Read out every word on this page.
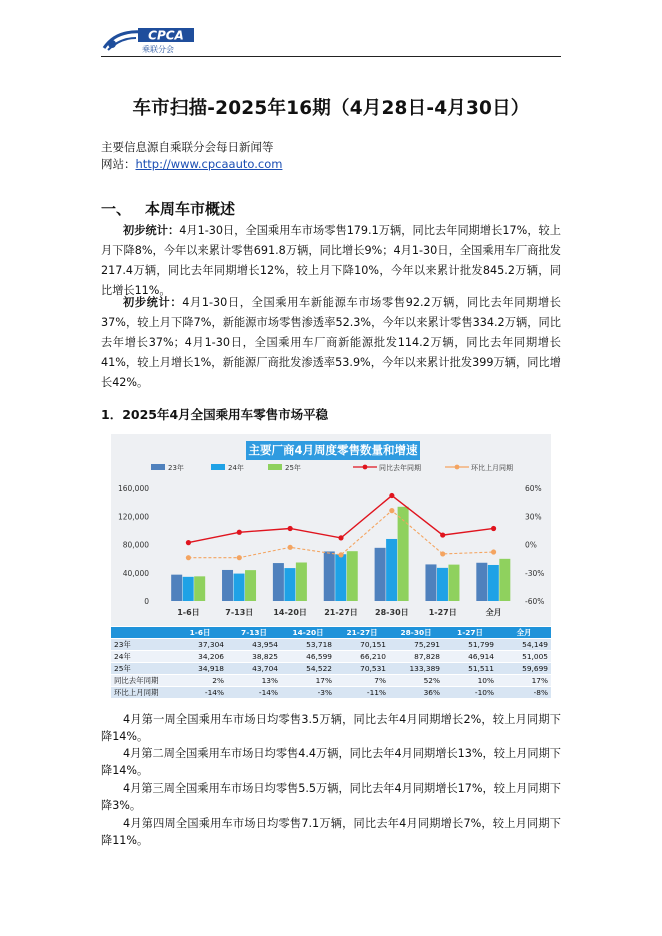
CPCA
乘联分会
车市扫描-2025年16期（4月28日-4月30日）
主要信息源自乘联分会每日新闻等
网站：http://www.cpcaauto.com
一、 本周车市概述
初步统计：4月1-30日，全国乘用车市场零售179.1万辆，同比去年同期增长17%，较上月下降8%，今年以来累计零售691.8万辆，同比增长9%；4月1-30日，全国乘用车厂商批发217.4万辆，同比去年同期增长12%，较上月下降10%，今年以来累计批发845.2万辆，同比增长11%。
初步统计：4月1-30日，全国乘用车新能源车市场零售92.2万辆，同比去年同期增长37%，较上月下降7%，新能源市场零售渗透率52.3%，今年以来累计零售334.2万辆，同比去年增长37%；4月1-30日，全国乘用车厂商新能源批发114.2万辆，同比去年同期增长41%，较上月增长1%，新能源厂商批发渗透率53.9%，今年以来累计批发399万辆，同比增长42%。
1．2025年4月全国乘用车零售市场平稳
0
40,000
80,000
120,000
160,000
-60%
-30%
0%
30%
60%
1-6日	7-13日	14-20日 21-27日 28-30日	1-27日	全月
23年	24年	25年	同比去年同期	环比上月同期
主要厂商4月周度零售数量和增速
	1-6日	7-13日	14-20日	21-27日	28-30日	1-27日	全月
23年	37,304	43,954	53,718	70,151	75,291	51,799	54,149
24年	34,206	38,825	46,599	66,210	87,828	46,914	51,005
25年	34,918	43,704	54,522	70,531	133,389	51,511	59,699
同比去年同期	2%	13%	17%	7%	52%	10%	17%
环比上月同期	-14%	-14%	-3%	-11%	36%	-10%	-8%
4月第一周全国乘用车市场日均零售3.5万辆，同比去年4月同期增长2%，较上月同期下降14%。
4月第二周全国乘用车市场日均零售4.4万辆，同比去年4月同期增长13%，较上月同期下降14%。
4月第三周全国乘用车市场日均零售5.5万辆，同比去年4月同期增长17%，较上月同期下降3%。
4月第四周全国乘用车市场日均零售7.1万辆，同比去年4月同期增长7%，较上月同期下降11%。
